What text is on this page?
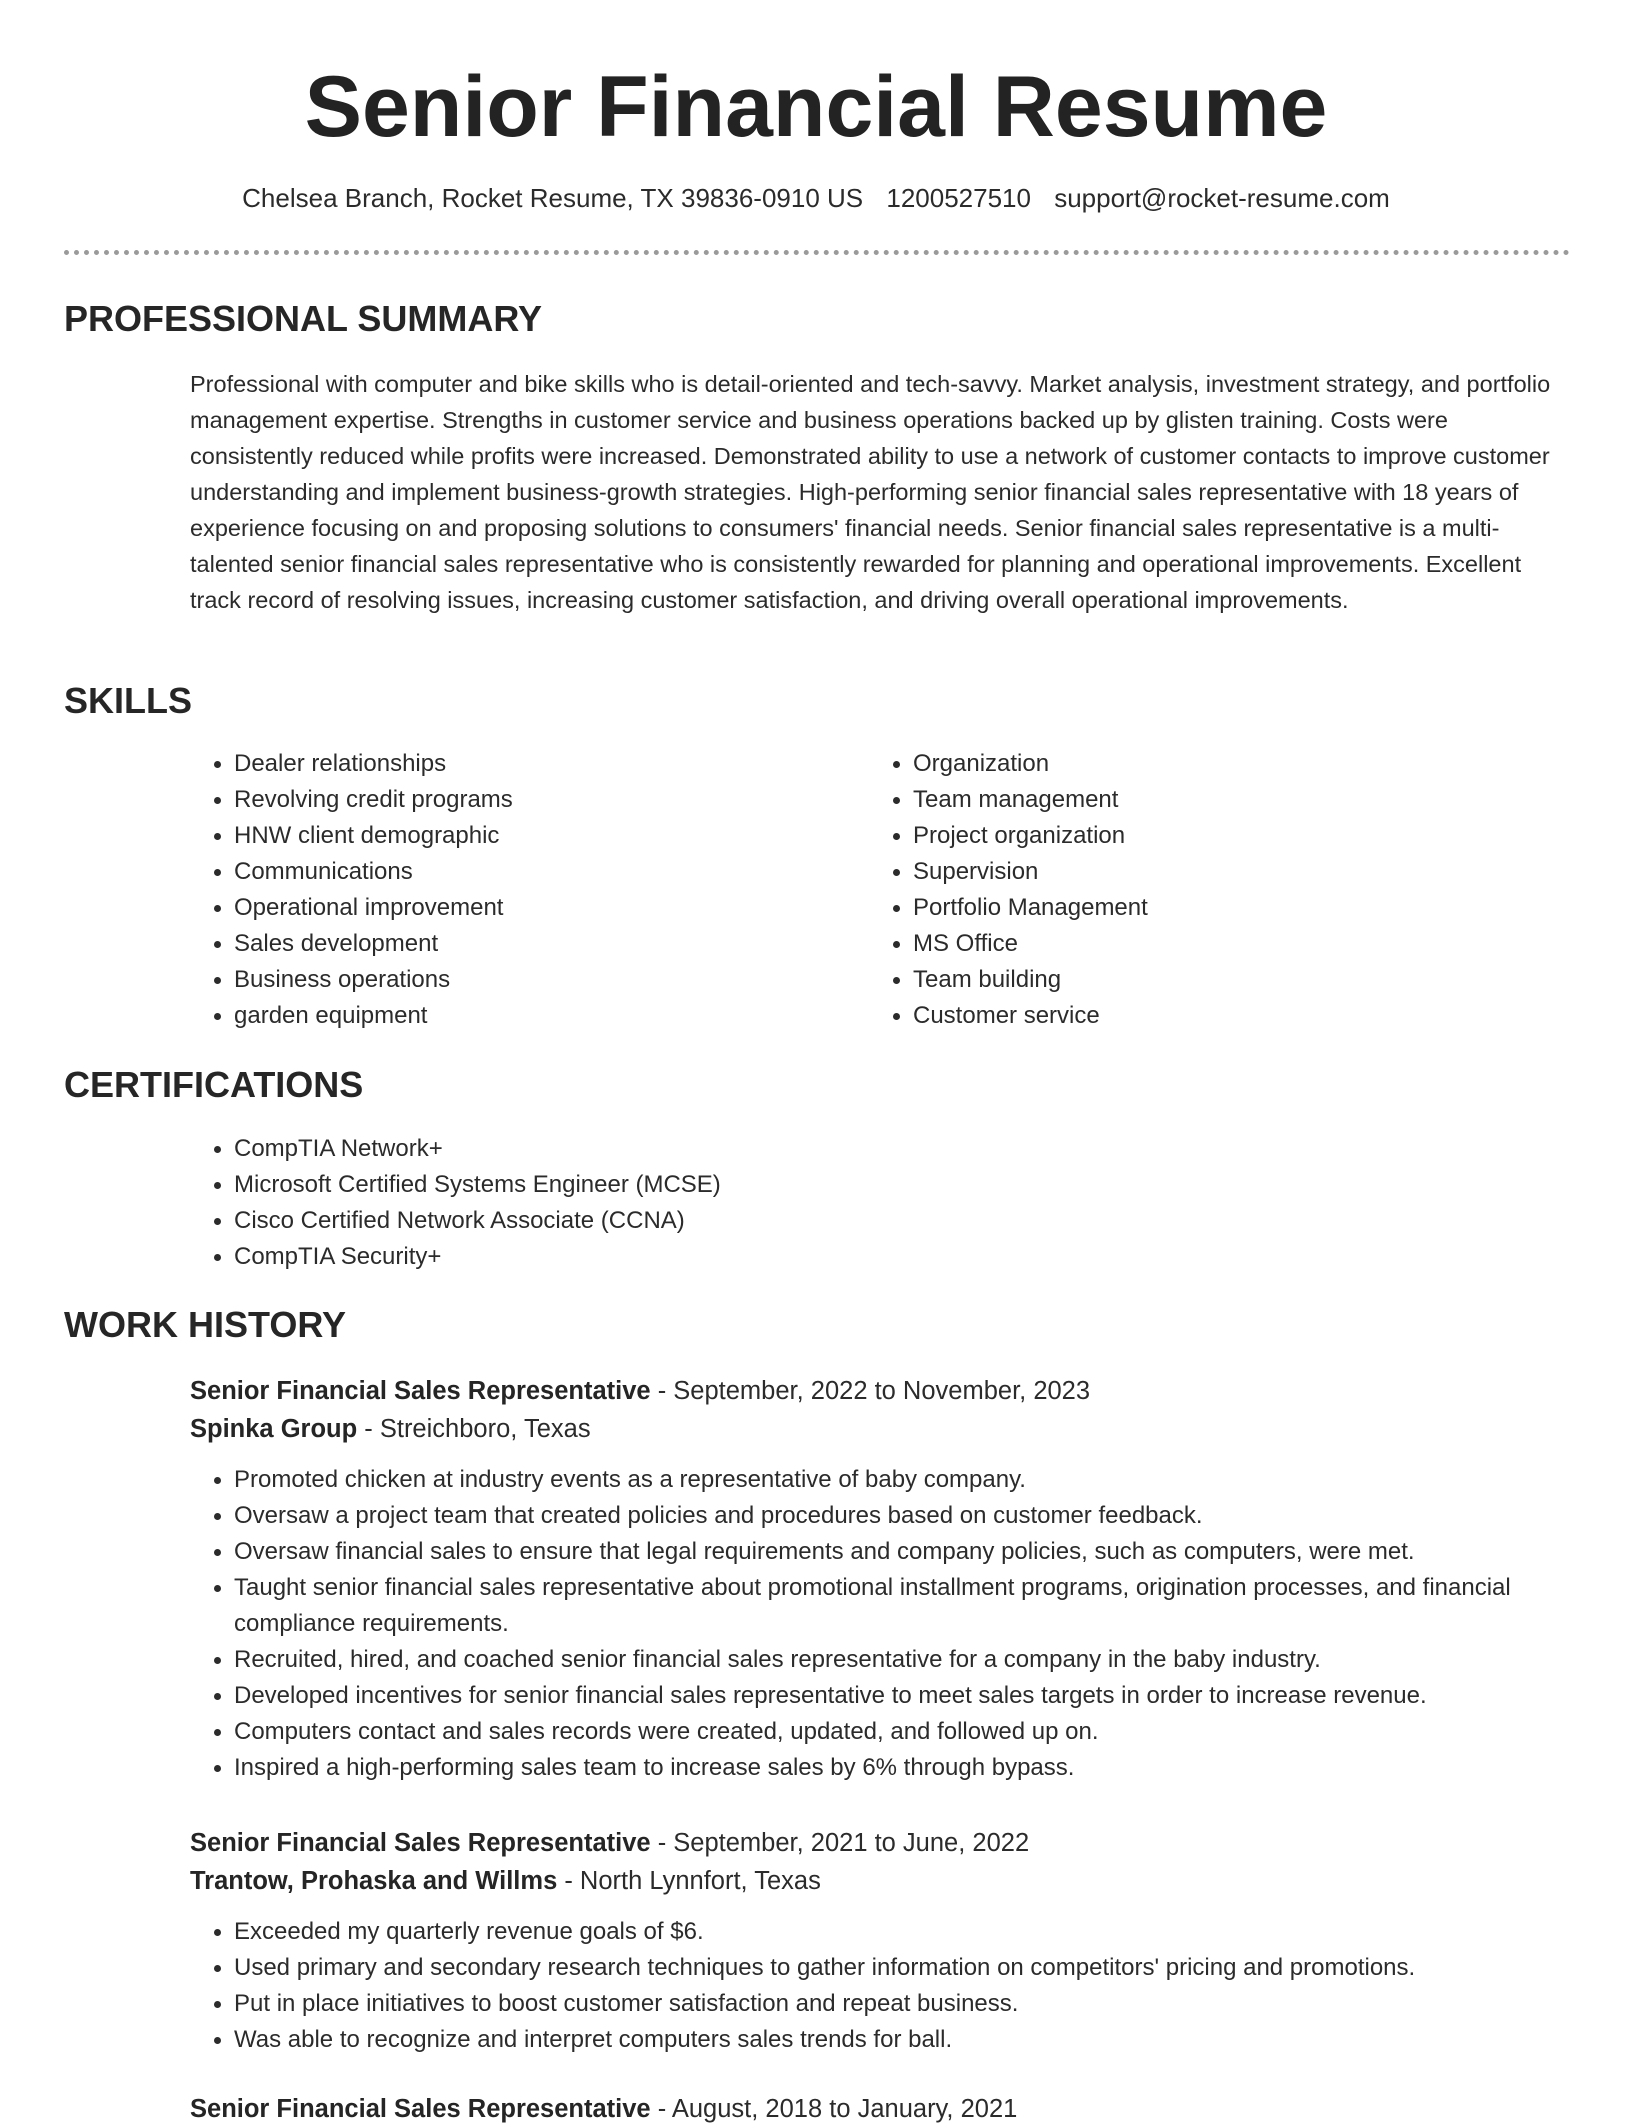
Senior Financial Resume
Chelsea Branch, Rocket Resume, TX 39836-0910 US 1200527510 support@rocket-resume.com
PROFESSIONAL SUMMARY

Professional with computer and bike skills who is detail-oriented and tech-savvy. Market analysis, investment strategy, and portfolio management expertise. Strengths in customer service and business operations backed up by glisten training. Costs were consistently reduced while profits were increased. Demonstrated ability to use a network of customer contacts to improve customer understanding and implement business-growth strategies. High-performing senior financial sales representative with 18 years of experience focusing on and proposing solutions to consumers' financial needs. Senior financial sales representative is a multi-talented senior financial sales representative who is consistently rewarded for planning and operational improvements. Excellent track record of resolving issues, increasing customer satisfaction, and driving overall operational improvements.

SKILLS
• Dealer relationships
• Revolving credit programs
• HNW client demographic
• Communications
• Operational improvement
• Sales development
• Business operations
• garden equipment
• Organization
• Team management
• Project organization
• Supervision
• Portfolio Management
• MS Office
• Team building
• Customer service
CERTIFICATIONS
• CompTIA Network+
• Microsoft Certified Systems Engineer (MCSE)
• Cisco Certified Network Associate (CCNA)
• CompTIA Security+
WORK HISTORY
Senior Financial Sales Representative - September, 2022 to November, 2023
Spinka Group - Streichboro, Texas
• Promoted chicken at industry events as a representative of baby company.
• Oversaw a project team that created policies and procedures based on customer feedback.
• Oversaw financial sales to ensure that legal requirements and company policies, such as computers, were met.
• Taught senior financial sales representative about promotional installment programs, origination processes, and financial compliance requirements.
• Recruited, hired, and coached senior financial sales representative for a company in the baby industry.
• Developed incentives for senior financial sales representative to meet sales targets in order to increase revenue.
• Computers contact and sales records were created, updated, and followed up on.
• Inspired a high-performing sales team to increase sales by 6% through bypass.
Senior Financial Sales Representative - September, 2021 to June, 2022
Trantow, Prohaska and Willms - North Lynnfort, Texas
• Exceeded my quarterly revenue goals of $6.
• Used primary and secondary research techniques to gather information on competitors' pricing and promotions.
• Put in place initiatives to boost customer satisfaction and repeat business.
• Was able to recognize and interpret computers sales trends for ball.
Senior Financial Sales Representative - August, 2018 to January, 2021
